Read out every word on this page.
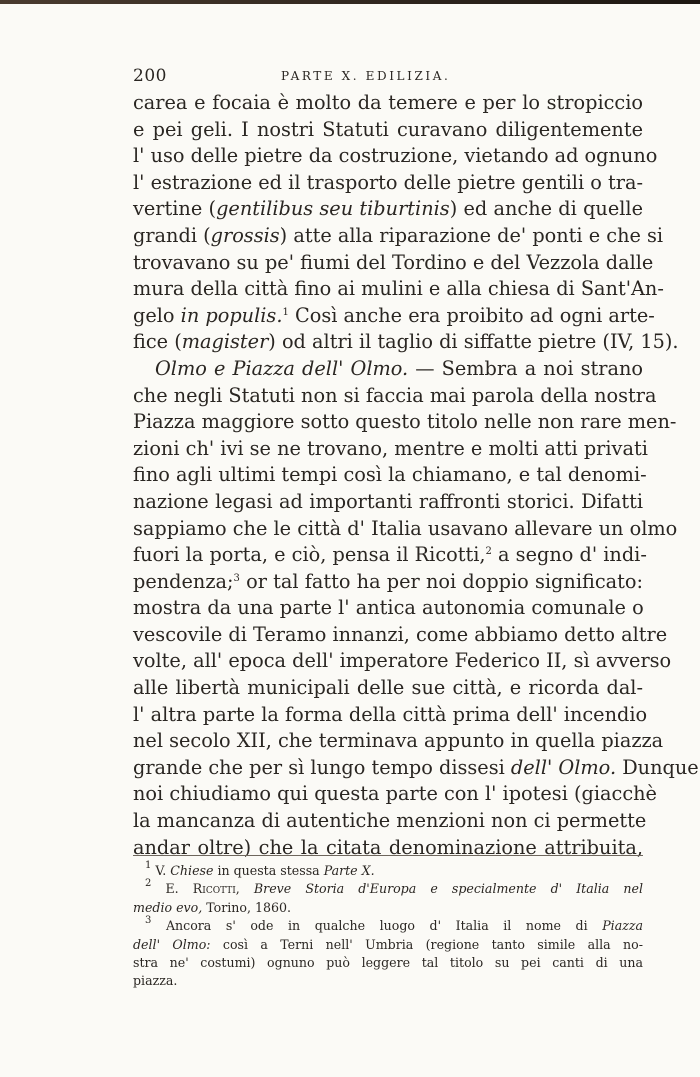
200	PARTE X. EDILIZIA.
carea e focaia è molto da temere e per lo stropiccio
e pei geli. I nostri Statuti curavano diligentemente
l' uso delle pietre da costruzione, vietando ad ognuno
l' estrazione ed il trasporto delle pietre gentili o tra-
vertine (gentilibus seu tiburtinis) ed anche di quelle
grandi (grossis) atte alla riparazione de' ponti e che si
trovavano su pe' fiumi del Tordino e del Vezzola dalle
mura della città fino ai mulini e alla chiesa di Sant'An-
gelo in populis.$^1$ Così anche era proibito ad ogni arte-
fice (magister) od altri il taglio di siffatte pietre (IV, 15).
Olmo e Piazza dell' Olmo. — Sembra a noi strano
che negli Statuti non si faccia mai parola della nostra
Piazza maggiore sotto questo titolo nelle non rare men-
zioni ch' ivi se ne trovano, mentre e molti atti privati
fino agli ultimi tempi così la chiamano, e tal denomi-
nazione legasi ad importanti raffronti storici. Difatti
sappiamo che le città d' Italia usavano allevare un olmo
fuori la porta, e ciò, pensa il Ricotti,$^2$ a segno d' indi-
pendenza;$^3$ or tal fatto ha per noi doppio significato:
mostra da una parte l' antica autonomia comunale o
vescovile di Teramo innanzi, come abbiamo detto altre
volte, all' epoca dell' imperatore Federico II, sì avverso
alle libertà municipali delle sue città, e ricorda dal-
l' altra parte la forma della città prima dell' incendio
nel secolo XII, che terminava appunto in quella piazza
grande che per sì lungo tempo dissesi dell' Olmo. Dunque
noi chiudiamo qui questa parte con l' ipotesi (giacchè
la mancanza di autentiche menzioni non ci permette
andar oltre) che la citata denominazione attribuita,
$^1$ V. Chiese in questa stessa Parte X.
$^2$ E. Ricotti, Breve Storia d'Europa e specialmente d' Italia nel
medio evo, Torino, 1860.
$^3$ Ancora s' ode in qualche luogo d' Italia il nome di Piazza
dell' Olmo: così a Terni nell' Umbria (regione tanto simile alla no-
stra ne' costumi) ognuno può leggere tal titolo su pei canti di una
piazza.
